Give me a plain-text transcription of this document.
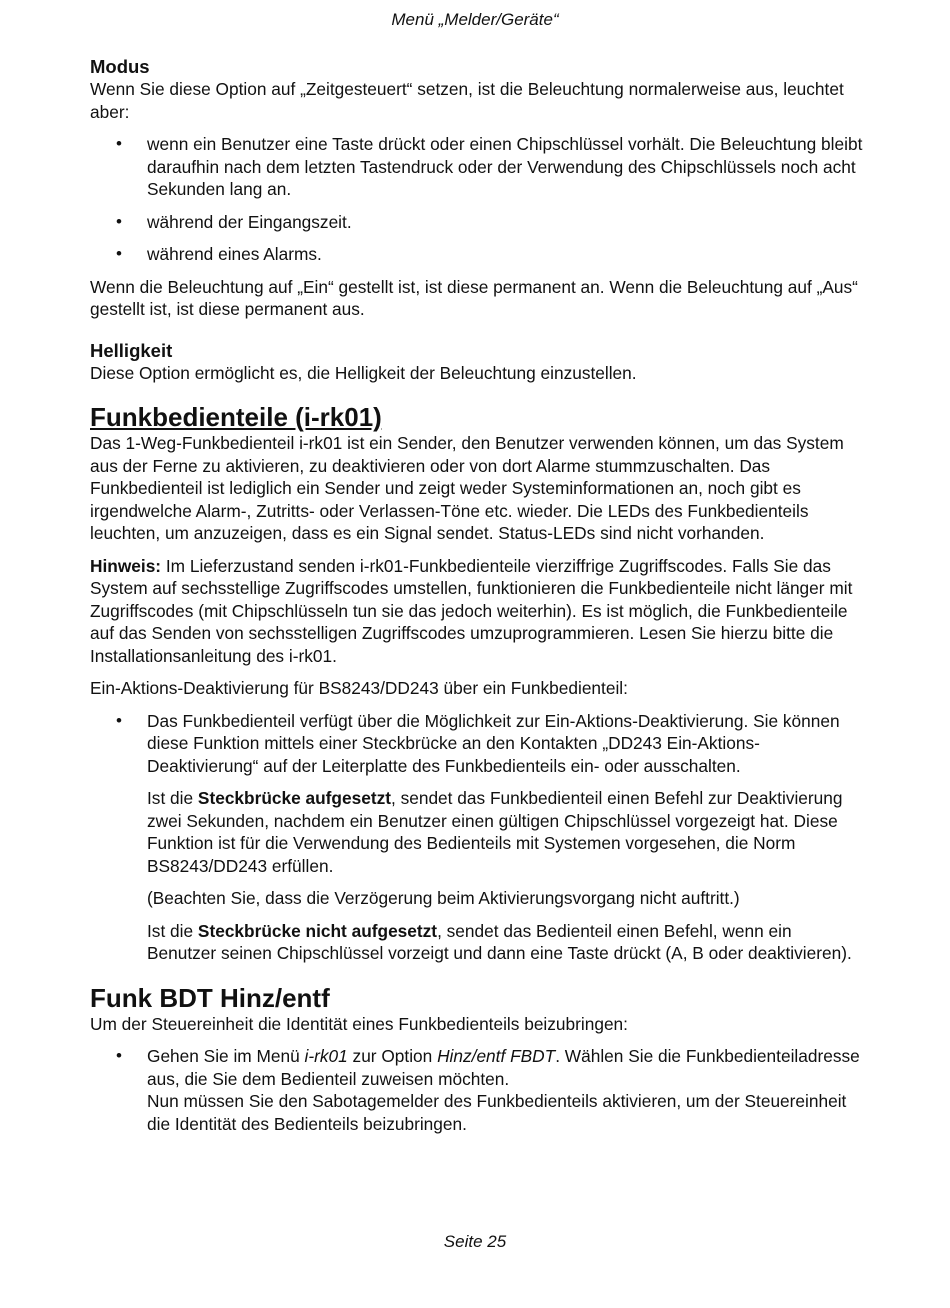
Menü „Melder/Geräte“
Modus

Wenn Sie diese Option auf „Zeitgesteuert“ setzen, ist die Beleuchtung normalerweise aus, leuchtet aber:

• wenn ein Benutzer eine Taste drückt oder einen Chipschlüssel vorhält. Die Beleuchtung bleibt daraufhin nach dem letzten Tastendruck oder der Verwendung des Chipschlüssels noch acht Sekunden lang an.
• während der Eingangszeit.
• während eines Alarms.

Wenn die Beleuchtung auf „Ein“ gestellt ist, ist diese permanent an. Wenn die Beleuchtung auf „Aus“ gestellt ist, ist diese permanent aus.

Helligkeit

Diese Option ermöglicht es, die Helligkeit der Beleuchtung einzustellen.

Funkbedienteile (i-rk01)

Das 1-Weg-Funkbedienteil i-rk01 ist ein Sender, den Benutzer verwenden können, um das System aus der Ferne zu aktivieren, zu deaktivieren oder von dort Alarme stummzuschalten. Das Funkbedienteil ist lediglich ein Sender und zeigt weder Systeminformationen an, noch gibt es irgendwelche Alarm-, Zutritts- oder Verlassen-Töne etc. wieder. Die LEDs des Funkbedienteils leuchten, um anzuzeigen, dass es ein Signal sendet. Status-LEDs sind nicht vorhanden.

Hinweis: Im Lieferzustand senden i-rk01-Funkbedienteile vierziffrige Zugriffscodes. Falls Sie das System auf sechsstellige Zugriffscodes umstellen, funktionieren die Funkbedienteile nicht länger mit Zugriffscodes (mit Chipschlüsseln tun sie das jedoch weiterhin). Es ist möglich, die Funkbedienteile auf das Senden von sechsstelligen Zugriffscodes umzuprogrammieren. Lesen Sie hierzu bitte die Installationsanleitung des i-rk01.

Ein-Aktions-Deaktivierung für BS8243/DD243 über ein Funkbedienteil:

• Das Funkbedienteil verfügt über die Möglichkeit zur Ein-Aktions-Deaktivierung. Sie können diese Funktion mittels einer Steckbrücke an den Kontakten „DD243 Ein-Aktions-Deaktivierung“ auf der Leiterplatte des Funkbedienteils ein- oder ausschalten.
Ist die Steckbrücke aufgesetzt, sendet das Funkbedienteil einen Befehl zur Deaktivierung zwei Sekunden, nachdem ein Benutzer einen gültigen Chipschlüssel vorgezeigt hat. Diese Funktion ist für die Verwendung des Bedienteils mit Systemen vorgesehen, die Norm BS8243/DD243 erfüllen.
(Beachten Sie, dass die Verzögerung beim Aktivierungsvorgang nicht auftritt.)
Ist die Steckbrücke nicht aufgesetzt, sendet das Bedienteil einen Befehl, wenn ein Benutzer seinen Chipschlüssel vorzeigt und dann eine Taste drückt (A, B oder deaktivieren).
Funk BDT Hinz/entf

Um der Steuereinheit die Identität eines Funkbedienteils beizubringen:

• Gehen Sie im Menü i-rk01 zur Option Hinz/entf FBDT. Wählen Sie die Funkbedienteiladresse aus, die Sie dem Bedienteil zuweisen möchten.
Nun müssen Sie den Sabotagemelder des Funkbedienteils aktivieren, um der Steuereinheit die Identität des Bedienteils beizubringen.
Seite 25
